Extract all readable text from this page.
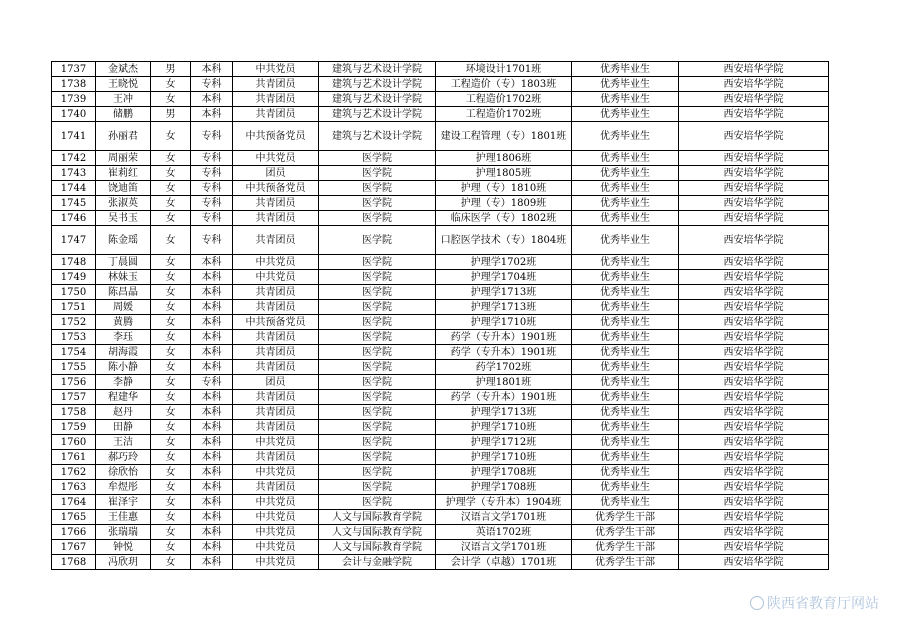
1737	金斌杰	男	本科	中共党员	建筑与艺术设计学院	环境设计1701班	优秀毕业生	西安培华学院
1738	王晓悦	女	专科	共青团员	建筑与艺术设计学院	工程造价（专）1803班	优秀毕业生	西安培华学院
1739	王冲	女	本科	共青团员	建筑与艺术设计学院	工程造价1702班	优秀毕业生	西安培华学院
1740	储鹏	男	本科	共青团员	建筑与艺术设计学院	工程造价1702班	优秀毕业生	西安培华学院
1741	孙丽君	女	专科	中共预备党员	建筑与艺术设计学院	建设工程管理（专）1801班	优秀毕业生	西安培华学院
1742	周丽荣	女	专科	中共党员	医学院	护理1806班	优秀毕业生	西安培华学院
1743	崔莉红	女	专科	团员	医学院	护理1805班	优秀毕业生	西安培华学院
1744	饶迪笛	女	专科	中共预备党员	医学院	护理（专）1810班	优秀毕业生	西安培华学院
1745	张淑英	女	专科	共青团员	医学院	护理（专）1809班	优秀毕业生	西安培华学院
1746	吴书玉	女	专科	共青团员	医学院	临床医学（专）1802班	优秀毕业生	西安培华学院
1747	陈金瑶	女	专科	共青团员	医学院	口腔医学技术（专）1804班	优秀毕业生	西安培华学院
1748	丁晨圆	女	本科	中共党员	医学院	护理学1702班	优秀毕业生	西安培华学院
1749	林妹玉	女	本科	中共党员	医学院	护理学1704班	优秀毕业生	西安培华学院
1750	陈昌晶	女	本科	共青团员	医学院	护理学1713班	优秀毕业生	西安培华学院
1751	周媛	女	本科	共青团员	医学院	护理学1713班	优秀毕业生	西安培华学院
1752	黄腾	女	本科	中共预备党员	医学院	护理学1710班	优秀毕业生	西安培华学院
1753	李珏	女	本科	共青团员	医学院	药学（专升本）1901班	优秀毕业生	西安培华学院
1754	胡海霞	女	本科	共青团员	医学院	药学（专升本）1901班	优秀毕业生	西安培华学院
1755	陈小静	女	本科	共青团员	医学院	药学1702班	优秀毕业生	西安培华学院
1756	李静	女	专科	团员	医学院	护理1801班	优秀毕业生	西安培华学院
1757	程建华	女	本科	共青团员	医学院	药学（专升本）1901班	优秀毕业生	西安培华学院
1758	赵丹	女	本科	共青团员	医学院	护理学1713班	优秀毕业生	西安培华学院
1759	田静	女	本科	共青团员	医学院	护理学1710班	优秀毕业生	西安培华学院
1760	王洁	女	本科	中共党员	医学院	护理学1712班	优秀毕业生	西安培华学院
1761	郝巧玲	女	本科	共青团员	医学院	护理学1710班	优秀毕业生	西安培华学院
1762	徐欣怡	女	本科	中共党员	医学院	护理学1708班	优秀毕业生	西安培华学院
1763	牟煜彤	女	本科	共青团员	医学院	护理学1708班	优秀毕业生	西安培华学院
1764	崔泽宇	女	本科	中共党员	医学院	护理学（专升本）1904班	优秀毕业生	西安培华学院
1765	王佳惠	女	本科	中共党员	人文与国际教育学院	汉语言文学1701班	优秀学生干部	西安培华学院
1766	张瑞瑞	女	本科	中共党员	人文与国际教育学院	英语1702班	优秀学生干部	西安培华学院
1767	钟悦	女	本科	中共党员	人文与国际教育学院	汉语言文学1701班	优秀学生干部	西安培华学院
1768	冯欣玥	女	本科	中共党员	会计与金融学院	会计学（卓越）1701班	优秀学生干部	西安培华学院
陕西省教育厅网站
